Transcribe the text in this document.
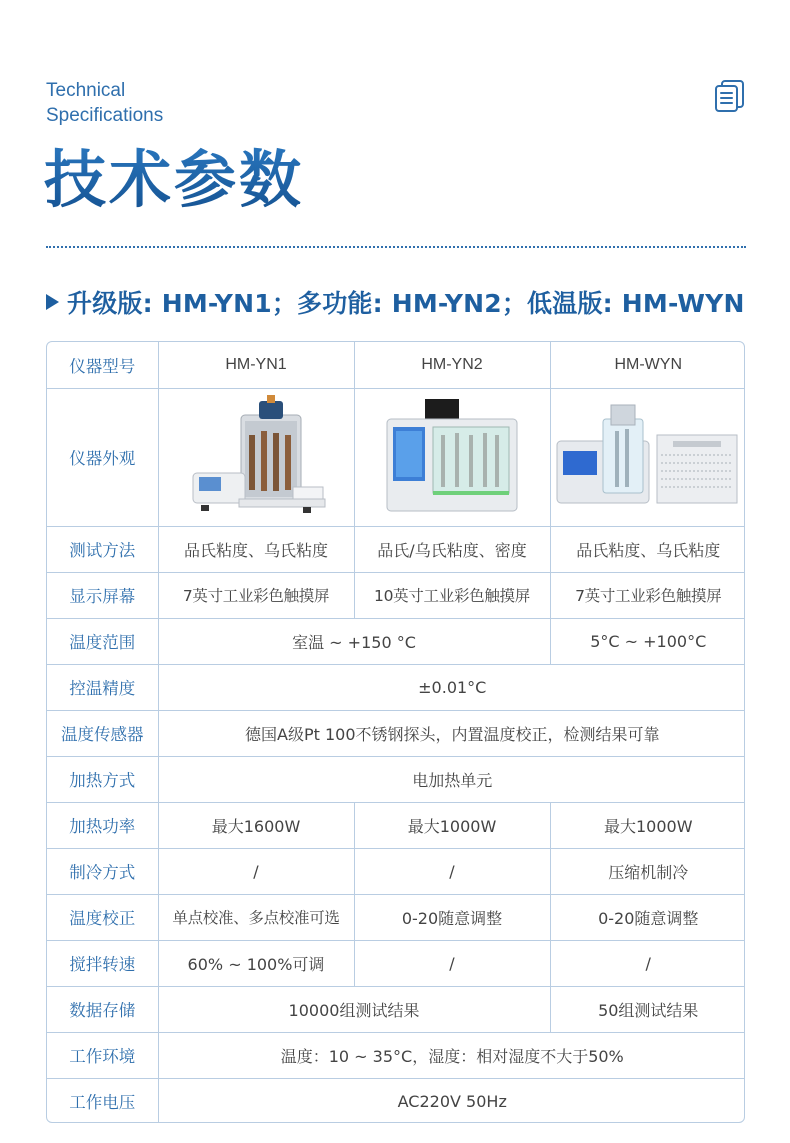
Technical
Specifications
技术参数
升级版: HM-YN1；多功能: HM-YN2；低温版: HM-WYN
仪器型号	HM-YN1	HM-YN2	HM-WYN
仪器外观	

测试方法	品氏粘度、乌氏粘度	品氏/乌氏粘度、密度	品氏粘度、乌氏粘度
显示屏幕	7英寸工业彩色触摸屏	10英寸工业彩色触摸屏	7英寸工业彩色触摸屏
温度范围	室温 ~ +150 °C		5°C ~ +100°C
控温精度	±0.01°C		
温度传感器	德国A级Pt 100不锈钢探头，内置温度校正，检测结果可靠		
加热方式	电加热单元		
加热功率	最大1600W	最大1000W	最大1000W
制冷方式	/	/	压缩机制冷
温度校正	单点校准、多点校准可选	0-20随意调整	0-20随意调整
搅拌转速	60% ~ 100%可调	/	/
数据存储	10000组测试结果		50组测试结果
工作环境	温度：10 ~ 35°C，湿度：相对湿度不大于50%		
工作电压	AC220V 50Hz		
